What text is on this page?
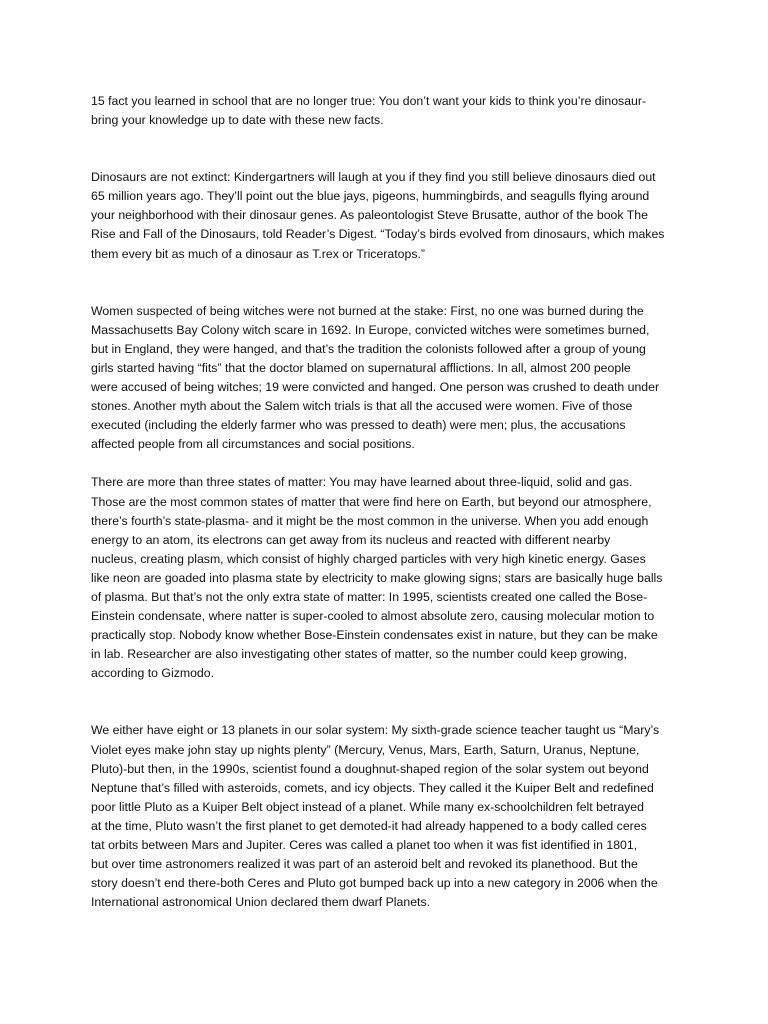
15 fact you learned in school that are no longer true: You don’t want your kids to think you’re dinosaur-
bring your knowledge up to date with these new facts.

Dinosaurs are not extinct: Kindergartners will laugh at you if they find you still believe dinosaurs died out
65 million years ago. They’ll point out the blue jays, pigeons, hummingbirds, and seagulls flying around
your neighborhood with their dinosaur genes. As paleontologist Steve Brusatte, author of the book The
Rise and Fall of the Dinosaurs, told Reader’s Digest. “Today’s birds evolved from dinosaurs, which makes
them every bit as much of a dinosaur as T.rex or Triceratops.”

Women suspected of being witches were not burned at the stake: First, no one was burned during the
Massachusetts Bay Colony witch scare in 1692. In Europe, convicted witches were sometimes burned,
but in England, they were hanged, and that’s the tradition the colonists followed after a group of young
girls started having “fits” that the doctor blamed on supernatural afflictions. In all, almost 200 people
were accused of being witches; 19 were convicted and hanged. One person was crushed to death under
stones. Another myth about the Salem witch trials is that all the accused were women. Five of those
executed (including the elderly farmer who was pressed to death) were men; plus, the accusations
affected people from all circumstances and social positions.

There are more than three states of matter: You may have learned about three-liquid, solid and gas.
Those are the most common states of matter that were find here on Earth, but beyond our atmosphere,
there’s fourth’s state-plasma- and it might be the most common in the universe. When you add enough
energy to an atom, its electrons can get away from its nucleus and reacted with different nearby
nucleus, creating plasm, which consist of highly charged particles with very high kinetic energy. Gases
like neon are goaded into plasma state by electricity to make glowing signs; stars are basically huge balls
of plasma. But that’s not the only extra state of matter: In 1995, scientists created one called the Bose-
Einstein condensate, where natter is super-cooled to almost absolute zero, causing molecular motion to
practically stop. Nobody know whether Bose-Einstein condensates exist in nature, but they can be make
in lab. Researcher are also investigating other states of matter, so the number could keep growing,
according to Gizmodo.

We either have eight or 13 planets in our solar system: My sixth-grade science teacher taught us “Mary’s
Violet eyes make john stay up nights plenty” (Mercury, Venus, Mars, Earth, Saturn, Uranus, Neptune,
Pluto)-but then, in the 1990s, scientist found a doughnut-shaped region of the solar system out beyond
Neptune that’s filled with asteroids, comets, and icy objects. They called it the Kuiper Belt and redefined
poor little Pluto as a Kuiper Belt object instead of a planet. While many ex-schoolchildren felt betrayed
at the time, Pluto wasn’t the first planet to get demoted-it had already happened to a body called ceres
tat orbits between Mars and Jupiter. Ceres was called a planet too when it was fist identified in 1801,
but over time astronomers realized it was part of an asteroid belt and revoked its planethood. But the
story doesn’t end there-both Ceres and Pluto got bumped back up into a new category in 2006 when the
International astronomical Union declared them dwarf Planets.
